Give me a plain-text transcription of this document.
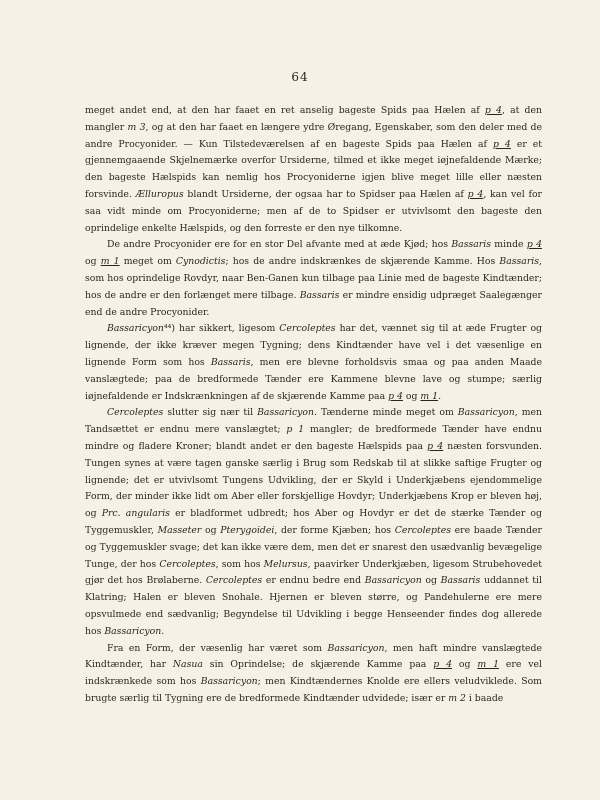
64

meget andet end, at den har faaet en ret anselig bageste Spids paa Hælen af p 4, at den mangler m 3, og at den har faaet en længere ydre Øregang, Egenskaber, som den deler med de andre Procyonider. — Kun Tilstedeværelsen af en bageste Spids paa Hælen af p 4 er et gjennemgaaende Skjelnemærke overfor Ursiderne, tilmed et ikke meget iøjnefaldende Mærke; den bageste Hælspids kan nemlig hos Procyoniderne igjen blive meget lille eller næsten forsvinde. Ælluropus blandt Ursiderne, der ogsaa har to Spidser paa Hælen af p 4, kan vel for saa vidt minde om Procyoniderne; men af de to Spidser er utvivlsomt den bageste den oprindelige enkelte Hælspids, og den forreste er den nye tilkomne.

De andre Procyonider ere for en stor Del afvante med at æde Kjød; hos Bassaris minde p 4 og m 1 meget om Cynodictis; hos de andre indskrænkes de skjærende Kamme. Hos Bassaris, som hos oprindelige Rovdyr, naar Ben-Ganen kun tilbage paa Linie med de bageste Kindtænder; hos de andre er den forlænget mere tilbage. Bassaris er mindre ensidig udpræget Saalegænger end de andre Procyonider.

Bassaricyon⁴⁴) har sikkert, ligesom Cercoleptes har det, vænnet sig til at æde Frugter og lignende, der ikke kræver megen Tygning; dens Kindtænder have vel i det væsenlige en lignende Form som hos Bassaris, men ere blevne forholdsvis smaa og paa anden Maade vanslægtede; paa de bredformede Tænder ere Kammene blevne lave og stumpe; særlig iøjnefaldende er Indskrænkningen af de skjærende Kamme paa p 4 og m 1.

Cercoleptes slutter sig nær til Bassaricyon. Tænderne minde meget om Bassaricyon, men Tandsættet er endnu mere vanslægtet; p 1 mangler; de bredformede Tænder have endnu mindre og fladere Kroner; blandt andet er den bageste Hælspids paa p 4 næsten forsvunden. Tungen synes at være tagen ganske særlig i Brug som Redskab til at slikke saftige Frugter og lignende; det er utvivlsomt Tungens Udvikling, der er Skyld i Underkjæbens ejendommelige Form, der minder ikke lidt om Aber eller forskjellige Hovdyr; Underkjæbens Krop er bleven høj, og Prc. angularis er bladformet udbredt; hos Aber og Hovdyr er det de stærke Tænder og Tyggemuskler, Masseter og Pterygoidei, der forme Kjæben; hos Cercoleptes ere baade Tænder og Tyggemuskler svage; det kan ikke være dem, men det er snarest den usædvanlig bevægelige Tunge, der hos Cercoleptes, som hos Melursus, paavirker Underkjæben, ligesom Strubehovedet gjør det hos Brølaberne. Cercoleptes er endnu bedre end Bassaricyon og Bassaris uddannet til Klatring; Halen er bleven Snohale. Hjernen er bleven større, og Pandehulerne ere mere opsvulmede end sædvanlig; Begyndelse til Udvikling i begge Henseender findes dog allerede hos Bassaricyon.

Fra en Form, der væsenlig har været som Bassaricyon, men haft mindre vanslægtede Kindtænder, har Nasua sin Oprindelse; de skjærende Kamme paa p 4 og m 1 ere vel indskrænkede som hos Bassaricyon; men Kindtændernes Knolde ere ellers veludviklede. Som brugte særlig til Tygning ere de bredformede Kindtænder udvidede; især er m 2 i baade
